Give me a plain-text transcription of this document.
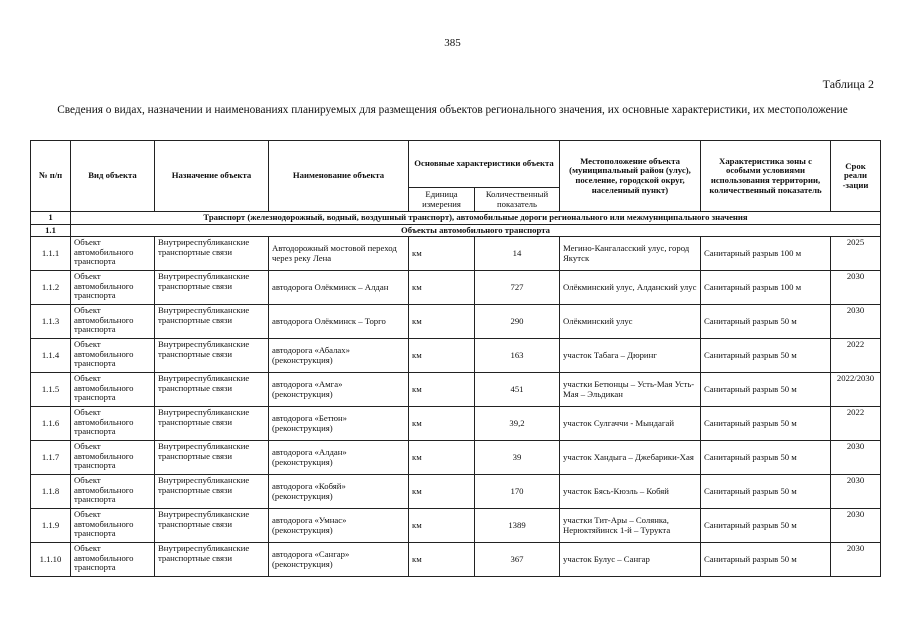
385
Таблица 2
Сведения о видах, назначении и наименованиях планируемых для размещения объектов регионального значения, их основные характеристики, их местоположение
№ п/п	Вид объекта	Назначение объекта	Наименование объекта	Основные характеристики объекта		Местоположение объекта (муниципальный район (улус), поселение, городской округ, населенный пункт)	Характеристика зоны с особыми условиями использования территории, количественный показатель	Срок реали -зации
				Единица измерения	Количественный показатель			
1	Транспорт (железнодорожный, водный, воздушный транспорт), автомобильные дороги регионального или межмуниципального значения							
1.1	Объекты автомобильного транспорта							
1.1.1	Объект автомобильного транспорта	Внутриреспубликанские транспортные связи	Автодорожный мостовой переход через реку Лена	км	14	Мегино-Кангаласский улус, город Якутск	Санитарный разрыв 100 м	2025
1.1.2	Объект автомобильного транспорта	Внутриреспубликанские транспортные связи	автодорога Олёкминск – Алдан	км	727	Олёкминский улус, Алданский улус	Санитарный разрыв 100 м	2030
1.1.3	Объект автомобильного транспорта	Внутриреспубликанские транспортные связи	автодорога Олёкминск – Торго	км	290	Олёкминский улус	Санитарный разрыв 50 м	2030
1.1.4	Объект автомобильного транспорта	Внутриреспубликанские транспортные связи	автодорога «Абалах» (реконструкция)	км	163	участок Табага – Дюринг	Санитарный разрыв 50 м	2022
1.1.5	Объект автомобильного транспорта	Внутриреспубликанские транспортные связи	автодорога «Амга» (реконструкция)	км	451	участки Бетюнцы – Усть-Мая Усть-Мая – Эльдикан	Санитарный разрыв 50 м	2022/2030
1.1.6	Объект автомобильного транспорта	Внутриреспубликанские транспортные связи	автодорога «Бетюн» (реконструкция)	км	39,2	участок Сулгаччи - Мындагай	Санитарный разрыв 50 м	2022
1.1.7	Объект автомобильного транспорта	Внутриреспубликанские транспортные связи	автодорога «Алдан» (реконструкция)	км	39	участок Хандыга – Джебарики-Хая	Санитарный разрыв 50 м	2030
1.1.8	Объект автомобильного транспорта	Внутриреспубликанские транспортные связи	автодорога «Кобяй» (реконструкция)	км	170	участок Бясь-Кюэль – Кобяй	Санитарный разрыв 50 м	2030
1.1.9	Объект автомобильного транспорта	Внутриреспубликанские транспортные связи	автодорога «Умнас» (реконструкция)	км	1389	участки Тит-Ары – Солянка, Нерюктяйинск 1-й – Турукта	Санитарный разрыв 50 м	2030
1.1.10	Объект автомобильного транспорта	Внутриреспубликанские транспортные связи	автодорога «Сангар» (реконструкция)	км	367	участок Булус – Сангар	Санитарный разрыв 50 м	2030
